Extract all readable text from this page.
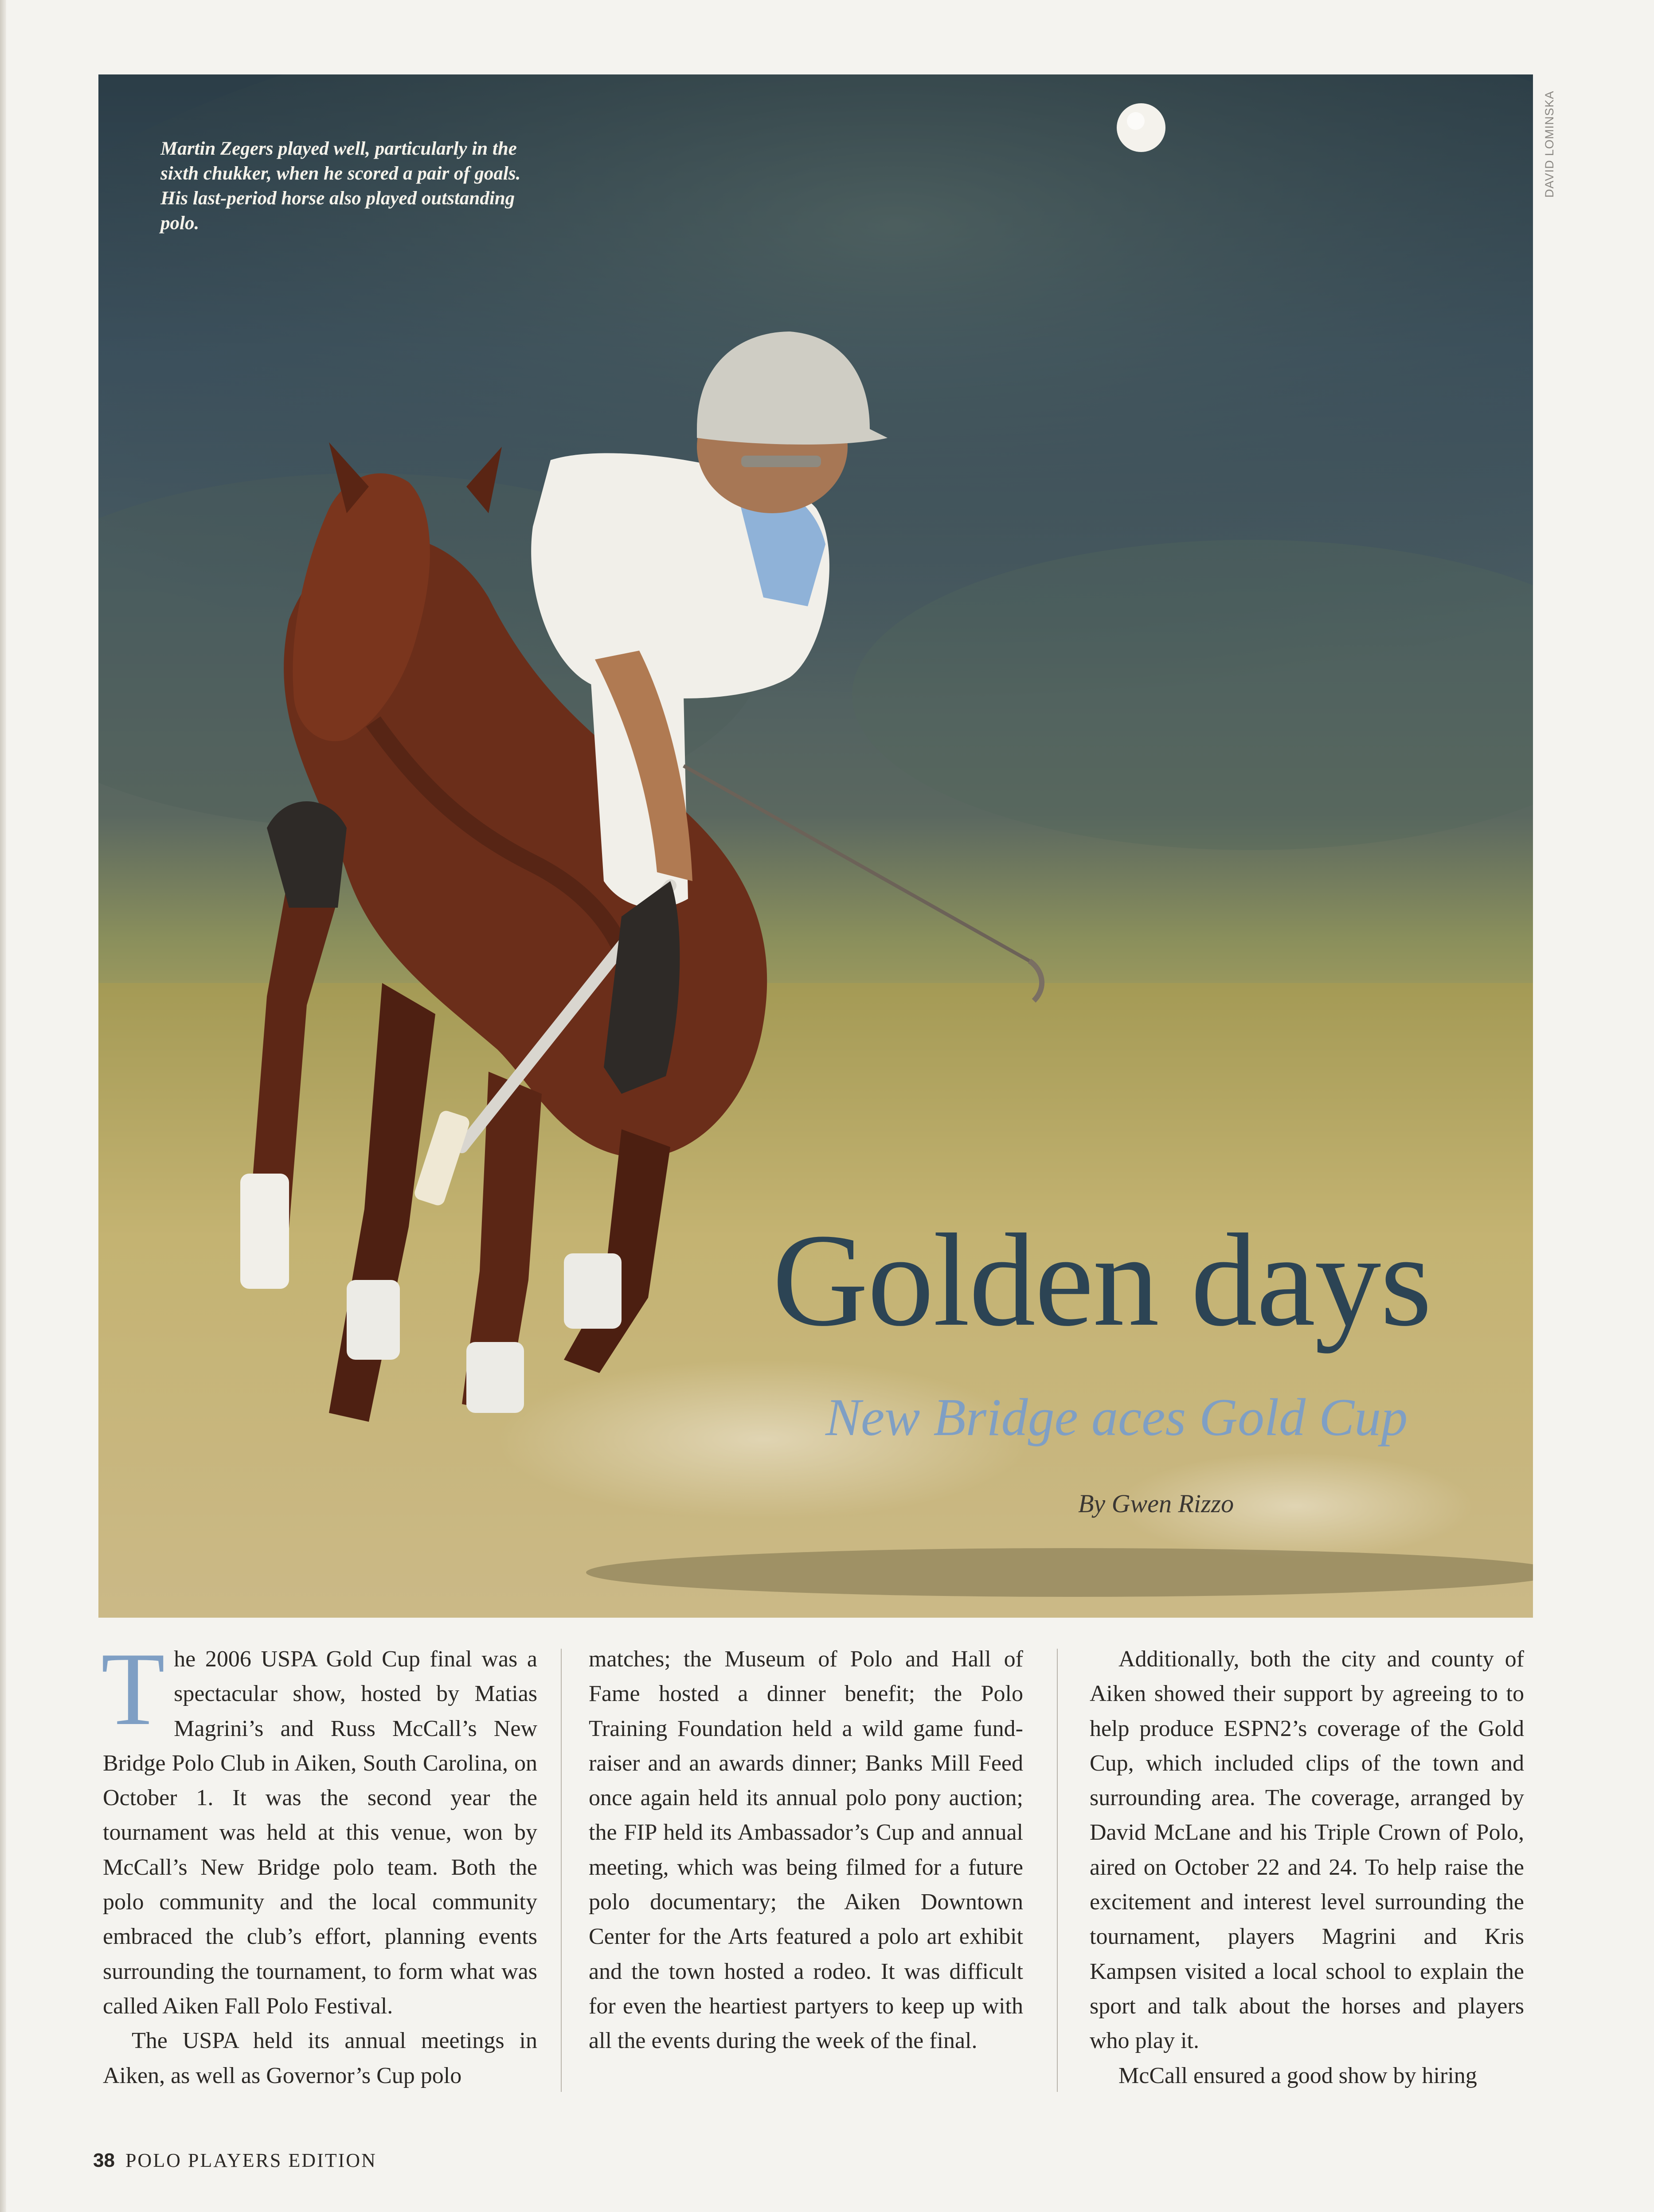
Martin Zegers played well, particularly in the sixth chukker, when he scored a pair of goals. His last-period horse also played outstanding polo.
Golden days
New Bridge aces Gold Cup
By Gwen Rizzo
DAVID LOMINSKA

The 2006 USPA Gold Cup final was a spectacular show, hosted by Matias Magrini’s and Russ McCall’s New Bridge Polo Club in Aiken, South Carolina, on October 1. It was the second year the tournament was held at this venue, won by McCall’s New Bridge polo team. Both the polo community and the local community embraced the club’s effort, planning events surrounding the tournament, to form what was called Aiken Fall Polo Festival.

The USPA held its annual meetings in Aiken, as well as Governor’s Cup polo

matches; the Museum of Polo and Hall of Fame hosted a dinner benefit; the Polo Training Foundation held a wild game fund-raiser and an awards dinner; Banks Mill Feed once again held its annual polo pony auction; the FIP held its Ambassador’s Cup and annual meeting, which was being filmed for a future polo documentary; the Aiken Downtown Center for the Arts featured a polo art exhibit and the town hosted a rodeo. It was difficult for even the heartiest partyers to keep up with all the events during the week of the final.

Additionally, both the city and county of Aiken showed their support by agreeing to to help produce ESPN2’s coverage of the Gold Cup, which included clips of the town and surrounding area. The coverage, arranged by David McLane and his Triple Crown of Polo, aired on October 22 and 24. To help raise the excitement and interest level surrounding the tournament, players Magrini and Kris Kampsen visited a local school to explain the sport and talk about the horses and players who play it.

McCall ensured a good show by hiring

38 POLO PLAYERS EDITION
